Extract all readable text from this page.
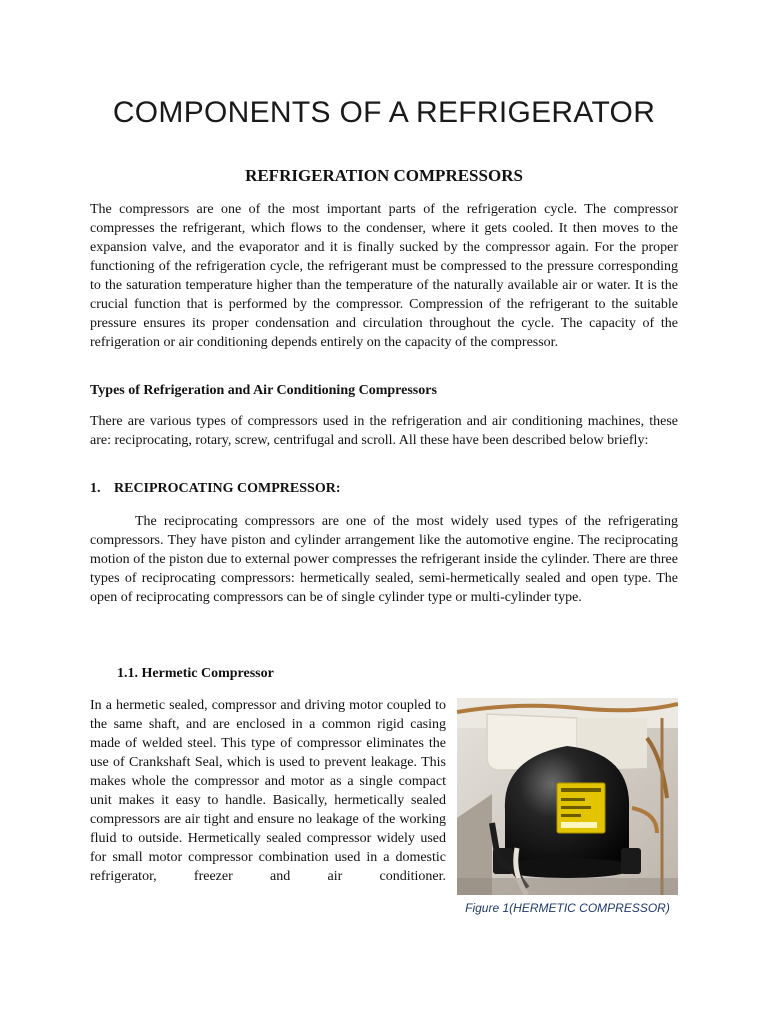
COMPONENTS OF A REFRIGERATOR
REFRIGERATION COMPRESSORS

The compressors are one of the most important parts of the refrigeration cycle. The compressor compresses the refrigerant, which flows to the condenser, where it gets cooled. It then moves to the expansion valve, and the evaporator and it is finally sucked by the compressor again. For the proper functioning of the refrigeration cycle, the refrigerant must be compressed to the pressure corresponding to the saturation temperature higher than the temperature of the naturally available air or water. It is the crucial function that is performed by the compressor. Compression of the refrigerant to the suitable pressure ensures its proper condensation and circulation throughout the cycle. The capacity of the refrigeration or air conditioning depends entirely on the capacity of the compressor.

Types of Refrigeration and Air Conditioning Compressors

There are various types of compressors used in the refrigeration and air conditioning machines, these are: reciprocating, rotary, screw, centrifugal and scroll. All these have been described below briefly:

1. RECIPROCATING COMPRESSOR:

The reciprocating compressors are one of the most widely used types of the refrigerating compressors. They have piston and cylinder arrangement like the automotive engine. The reciprocating motion of the piston due to external power compresses the refrigerant inside the cylinder. There are three types of reciprocating compressors: hermetically sealed, semi-hermetically sealed and open type. The open of reciprocating compressors can be of single cylinder type or multi-cylinder type.

1.1. Hermetic Compressor

In a hermetic sealed, compressor and driving motor coupled to the same shaft, and are enclosed in a common rigid casing made of welded steel. This type of compressor eliminates the use of Crankshaft Seal, which is used to prevent leakage. This makes whole the compressor and motor as a single compact unit makes it easy to handle. Basically, hermetically sealed compressors are air tight and ensure no leakage of the working fluid to outside. Hermetically sealed compressor widely used for small motor compressor combination used in a domestic refrigerator, freezer and air conditioner.

Figure 1(HERMETIC COMPRESSOR)
